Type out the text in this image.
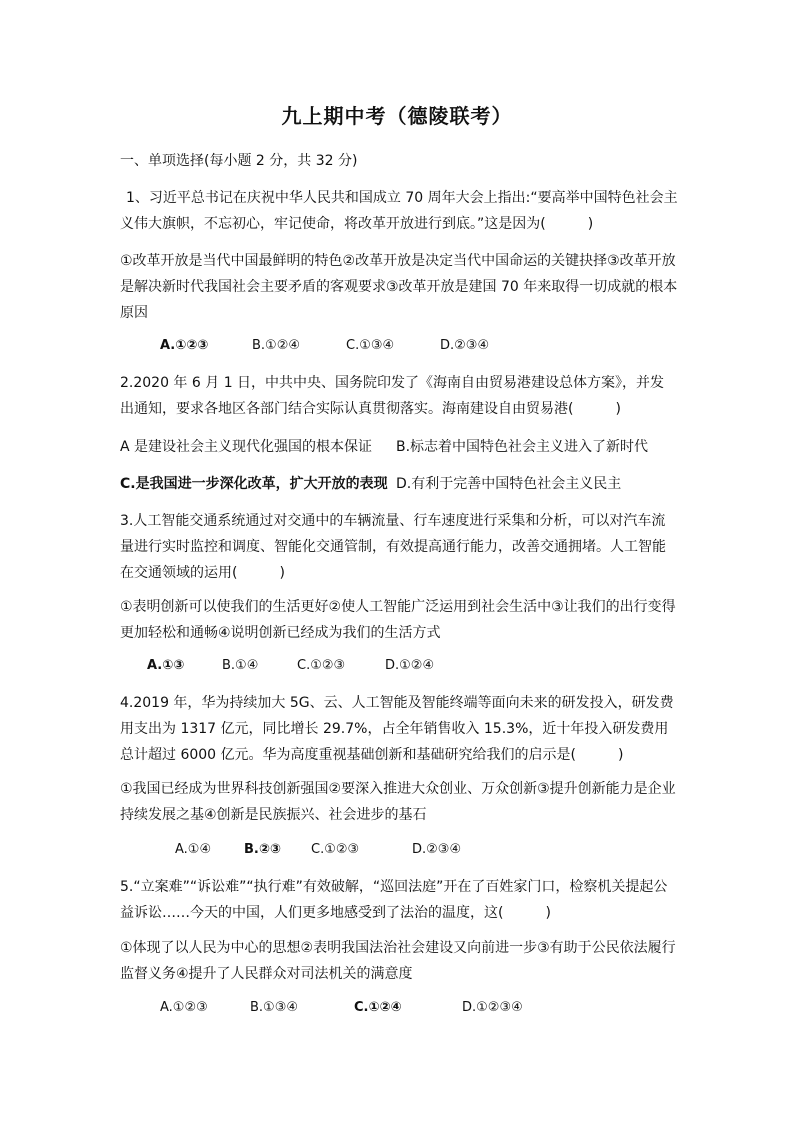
九上期中考（德陵联考）
一、单项选择(每小题 2 分，共 32 分)

1、习近平总书记在庆祝中华人民共和国成立 70 周年大会上指出:“要高举中国特色社会主义伟大旗帜，不忘初心，牢记使命，将改革开放进行到底。”这是因为(　　　)

①改革开放是当代中国最鲜明的特色②改革开放是决定当代中国命运的关键抉择③改革开放是解决新时代我国社会主要矛盾的客观要求③改革开放是建国 70 年来取得一切成就的根本原因

A.①②③	B.①②④	C.①③④	D.②③④

2.2020 年 6 月 1 日，中共中央、国务院印发了《海南自由贸易港建设总体方案》，并发出通知，要求各地区各部门结合实际认真贯彻落实。海南建设自由贸易港(　　　)

A 是建设社会主义现代化强国的根本保证 B.标志着中国特色社会主义进入了新时代
C.是我国进一步深化改革，扩大开放的表现 D.有利于完善中国特色社会主义民主

3.人工智能交通系统通过对交通中的车辆流量、行车速度进行采集和分析，可以对汽车流量进行实时监控和调度、智能化交通管制，有效提高通行能力，改善交通拥堵。人工智能在交通领域的运用(　　　)

①表明创新可以使我们的生活更好②使人工智能广泛运用到社会生活中③让我们的出行变得更加轻松和通畅④说明创新已经成为我们的生活方式

A.①③	B.①④	C.①②③	D.①②④

4.2019 年，华为持续加大 5G、云、人工智能及智能终端等面向未来的研发投入，研发费用支出为 1317 亿元，同比增长 29.7%，占全年销售收入 15.3%，近十年投入研发费用总计超过 6000 亿元。华为高度重视基础创新和基础研究给我们的启示是(　　　)

①我国已经成为世界科技创新强国②要深入推进大众创业、万众创新③提升创新能力是企业持续发展之基④创新是民族振兴、社会进步的基石

A.①④	B.②③ C.①②③	D.②③④

5.“立案难”“诉讼难”“执行难”有效破解，“巡回法庭”开在了百姓家门口，检察机关提起公益诉讼……今天的中国，人们更多地感受到了法治的温度，这(　　　)

①体现了以人民为中心的思想②表明我国法治社会建设又向前进一步③有助于公民依法履行监督义务④提升了人民群众对司法机关的满意度

A.①②③	B.①③④	C.①②④	D.①②③④
